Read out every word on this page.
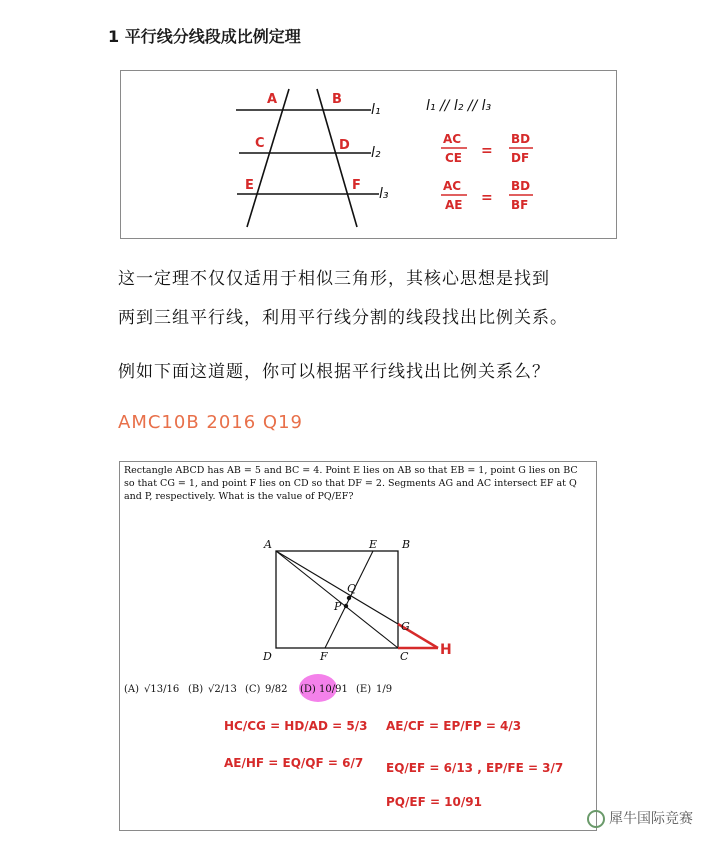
1 平行线分线段成比例定理
A	B
C	D
E	F
l₁
l₂
l₃
l₁ // l₂ // l₃
AC
CE =
BD
DF
AC
AE =
BD
BF
这一定理不仅仅适用于相似三角形，其核心思想是找到
两到三组平行线，利用平行线分割的线段找出比例关系。
例如下面这道题，你可以根据平行线找出比例关系么？
AMC10B 2016 Q19
Rectangle ABCD has AB = 5 and BC = 4. Point E lies on AB so that EB = 1, point G lies on BC
so that CG = 1, and point F lies on CD so that DF = 2. Segments AG and AC intersect EF at Q
and P, respectively. What is the value of PQ/EF?
A	B
E
D	F	C
G
Q
P
H
(A) √13/16 (B) √2/13 (C) 9/82 (D) 10/91 (E) 1/9
HC/CG = HD/AD = 5/3
AE/HF = EQ/QF = 6/7
AE/CF = EP/FP = 4/3
EQ/EF = 6/13 , EP/FE = 3/7
PQ/EF = 10/91
犀牛国际竞赛
